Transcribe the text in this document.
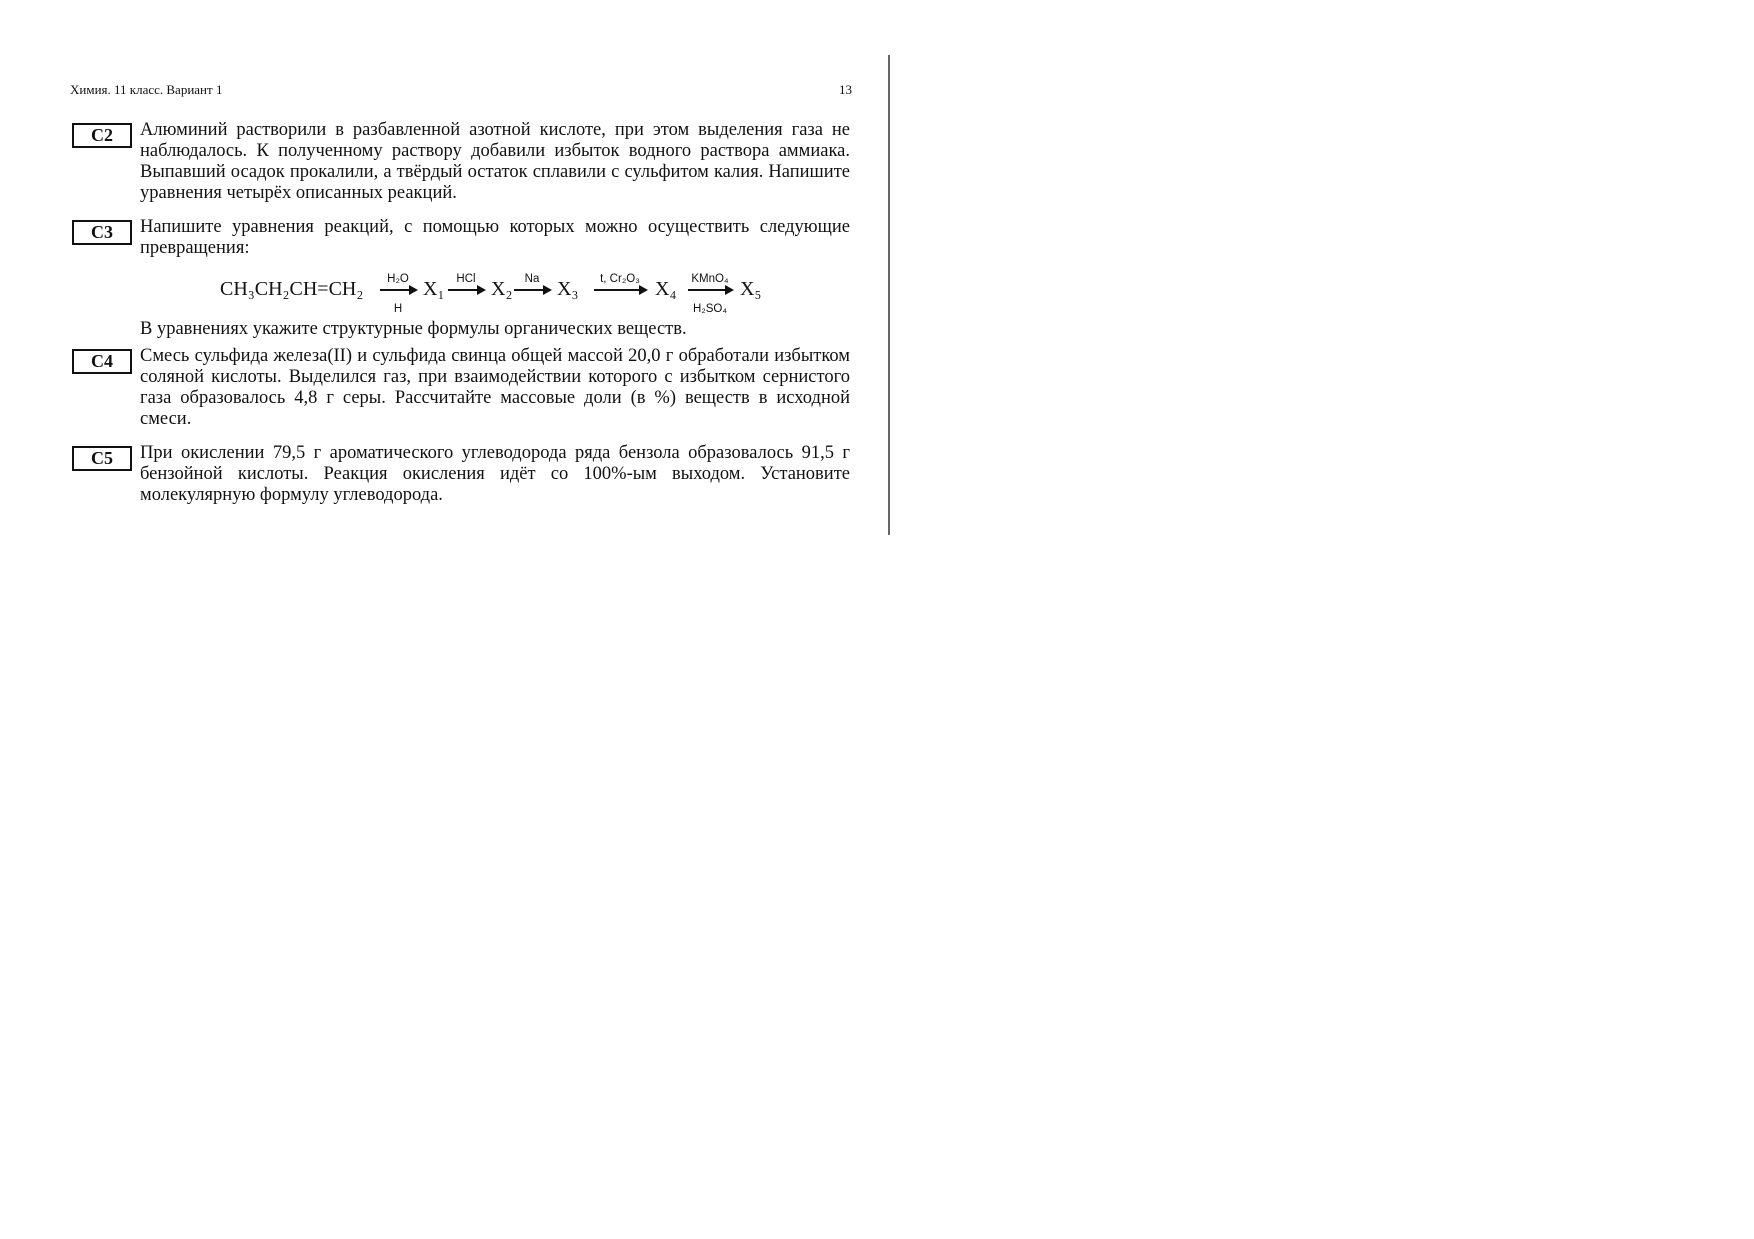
Химия. 11 класс. Вариант 1	13
C2	Алюминий растворили в разбавленной азотной кислоте, при этом выделения газа не наблюдалось. К полученному раствору добавили избыток водного раствора аммиака. Выпавший осадок прокалили, а твёрдый остаток сплавили с сульфитом калия. Напишите уравнения четырёх описанных реакций.
C3	Напишите уравнения реакций, с помощью которых можно осуществить следующие превращения:
CH₃CH₂CH=CH₂	H₂O
H
X₁	HCl X₂	Na X₃	t, Cr₂O₃ X₄	KMnO₄
H₂SO₄
X₅
В уравнениях укажите структурные формулы органических веществ.
C4	Смесь сульфида железа(II) и сульфида свинца общей массой 20,0 г обработали избытком соляной кислоты. Выделился газ, при взаимодействии которого с избытком сернистого газа образовалось 4,8 г серы. Рассчитайте массовые доли (в %) веществ в исходной смеси.
C5	При окислении 79,5 г ароматического углеводорода ряда бензола образовалось 91,5 г бензойной кислоты. Реакция окисления идёт со 100%-ым выходом. Установите молекулярную формулу углеводорода.
